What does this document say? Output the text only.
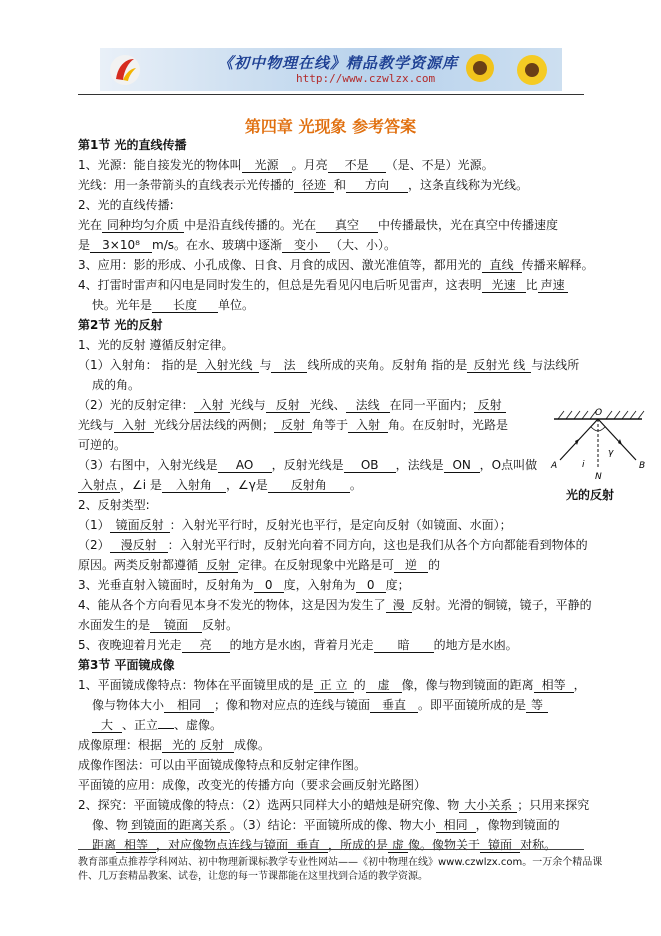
《初中物理在线》精品教学资源库
http://www.czwlzx.com
第四章 光现象 参考答案
第1节 光的直线传播
1、光源：能自接发光的物体叫 光源 。月亮 不是 （是、不是）光源。
光线：用一条带箭头的直线表示光传播的 径迹 和 方向 ，这条直线称为光线。
2、光的直线传播:
光在 同种均匀介质 中是沿直线传播的。光在 真空 中传播最快，光在真空中传播速度
是 3×10⁸ m/s。在水、玻璃中逐渐 变小 （大、小）。
3、应用：影的形成、小孔成像、日食、月食的成因、激光准值等，都用光的 直线 传播来解释。
4、打雷时雷声和闪电是同时发生的，但总是先看见闪电后听见雷声，这表明 光速 比 声速
快。光年是 长度 单位。
第2节 光的反射
1、光的反射 遵循反射定律。
（1）入射角： 指的是 入射光线 与 法 线所成的夹角。反射角 指的是 反射光 线 与法线所
成的角。
（2）光的反射定律： 入射 光线与 反射 光线、 法线 在同一平面内； 反射
光线与 入射 光线分居法线的两侧； 反射 角等于 入射 角。在反射时，光路是
可逆的。
（3）右图中，入射光线是 AO ，反射光线是 OB ，法线是 ON ，O点叫做
入射点 ，∠i 是 入射角 ，∠γ是 反射角 。
2、反射类型:
（1） 镜面反射 ：入射光平行时，反射光也平行，是定向反射（如镜面、水面）；
（2） 漫反射 ：入射光平行时，反射光向着不同方向，这也是我们从各个方向都能看到物体的
原因。两类反射都遵循 反射 定律。在反射现象中光路是可 逆 的
3、光垂直射入镜面时，反射角为 0 度，入射角为 0 度；
4、能从各个方向看见本身不发光的物体，这是因为发生了 漫 反射。光滑的铜镜，镜子，平静的
水面发生的是 镜面 反射。
5、夜晚迎着月光走 亮 的地方是水凼，背着月光走 暗 的地方是水凼。
O
A	B
N
i
γ
光的反射
第3节 平面镜成像
1、平面镜成像特点：物体在平面镜里成的是 正 立 的 虚 像，像与物到镜面的距离 相等 ，
像与物体大小 相同 ；像和物对应点的连线与镜面 垂直 。即平面镜所成的是 等
大 、正立 、虚像。
成像原理：根据 光的 反射 成像。
成像作图法：可以由平面镜成像特点和反射定律作图。
平面镜的应用：成像，改变光的传播方向（要求会画反射光路图）
2、探究：平面镜成像的特点：（2）选两只同样大小的蜡烛是研究像、物 大小关系 ；只用来探究
像、物 到镜面的距离关系 。（3）结论：平面镜所成的像、物大小 相同 ，像物到镜面的
距离 相等 ，对应像物点连线与镜面 垂直 ，所成的是 虚 像。像物关于 镜面 对称。
教育部重点推荐学科网站、初中物理新课标教学专业性网站——《初中物理在线》www.czwlzx.com。一万余个精品课
件、几万套精品教案、试卷，让您的每一节课都能在这里找到合适的教学资源。
